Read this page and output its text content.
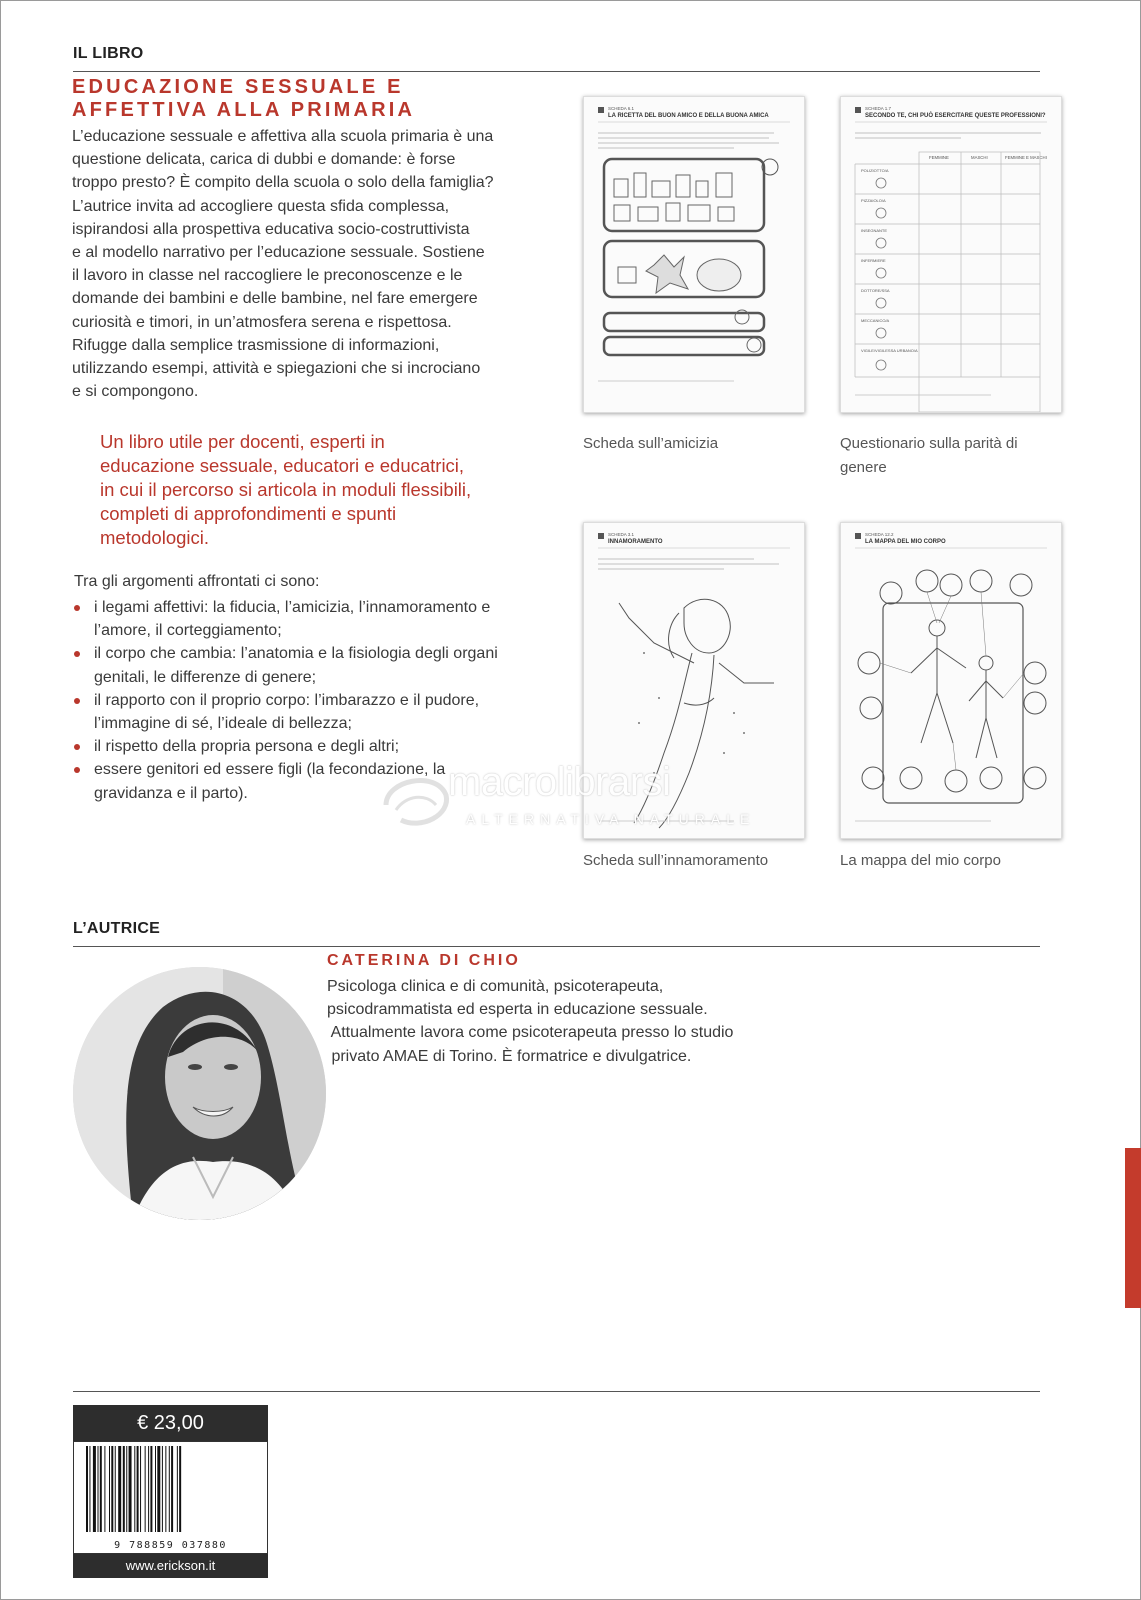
IL LIBRO
EDUCAZIONE SESSUALE E
AFFETTIVA ALLA PRIMARIA
L’educazione sessuale e affettiva alla scuola primaria è una
questione delicata, carica di dubbi e domande: è forse
troppo presto? È compito della scuola o solo della famiglia?
L’autrice invita ad accogliere questa sfida complessa,
ispirandosi alla prospettiva educativa socio-costruttivista
e al modello narrativo per l’educazione sessuale. Sostiene
il lavoro in classe nel raccogliere le preconoscenze e le
domande dei bambini e delle bambine, nel fare emergere
curiosità e timori, in un’atmosfera serena e rispettosa.
Rifugge dalla semplice trasmissione di informazioni,
utilizzando esempi, attività e spiegazioni che si incrociano
e si compongono.
Un libro utile per docenti, esperti in
educazione sessuale, educatori e educatrici,
in cui il percorso si articola in moduli flessibili,
completi di approfondimenti e spunti
metodologici.
Tra gli argomenti affrontati ci sono:
i legami affettivi: la fiducia, l’amicizia, l’innamoramento e
l’amore, il corteggiamento;
il corpo che cambia: l’anatomia e la fisiologia degli organi
genitali, le differenze di genere;
il rapporto con il proprio corpo: l’imbarazzo e il pudore,
l’immagine di sé, l’ideale di bellezza;
il rispetto della propria persona e degli altri;
essere genitori ed essere figli (la fecondazione, la
gravidanza e il parto).
SCHEDA 6.1
LA RICETTA DEL BUON AMICO E DELLA BUONA AMICA
Scheda sull’amicizia
SCHEDA 1.7
SECONDO TE, CHI PUÒ ESERCITARE QUESTE PROFESSIONI?
FEMMINE	MASCHI	FEMMINE E MASCHI
POLIZIOTTO/A
PIZZAIOLO/A
INSEGNANTE
INFERMIERE
DOTTORE/SSA
MECCANICO/A
VIGILE/VIGILESSA URBANO/A
Questionario sulla parità di
genere
SCHEDA 3.1
INNAMORAMENTO
Scheda sull’innamoramento
SCHEDA 12.2
LA MAPPA DEL MIO CORPO
La mappa del mio corpo
macrolibrarsi
ALTERNATIVA NATURALE
L’AUTRICE
CATERINA DI CHIO
Psicologa clinica e di comunità, psicoterapeuta,
psicodrammatista ed esperta in educazione sessuale.
Attualmente lavora come psicoterapeuta presso lo studio
privato AMAE di Torino. È formatrice e divulgatrice.
€ 23,00
9 788859 037880
www.erickson.it
